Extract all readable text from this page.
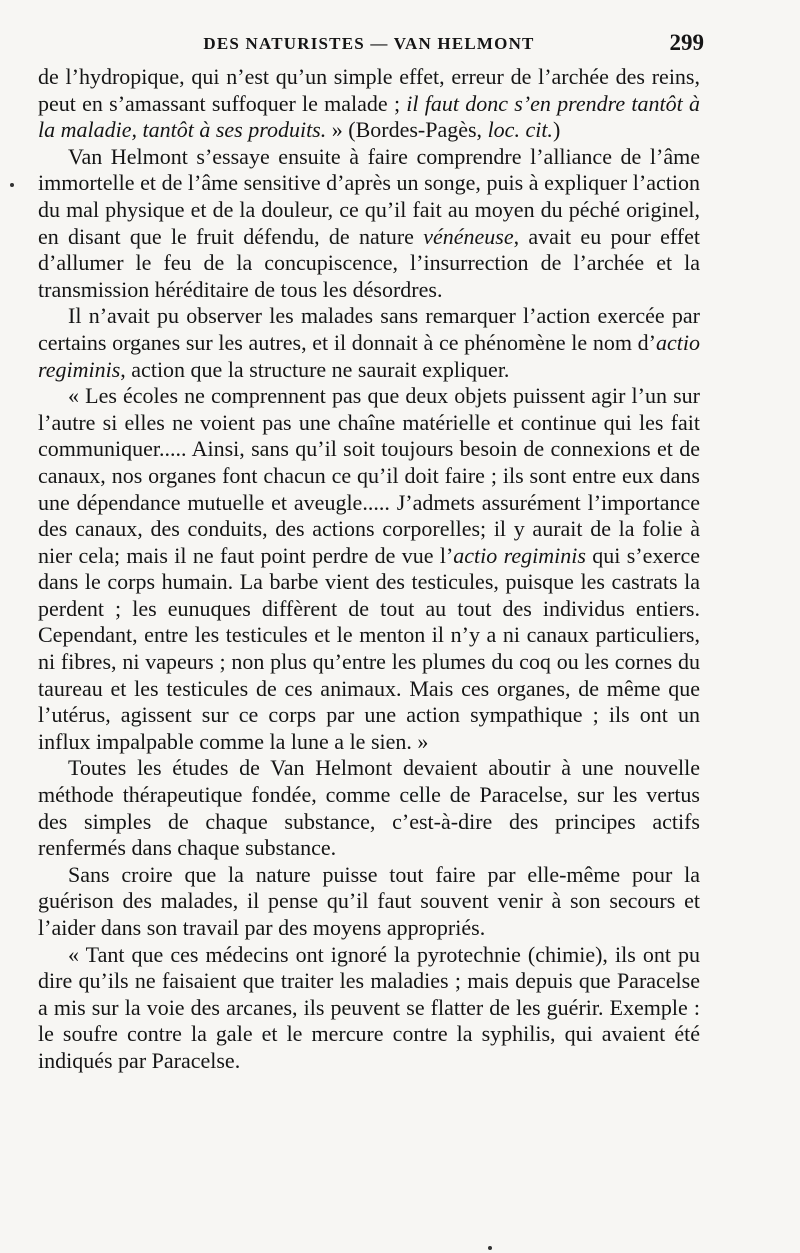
DES NATURISTES — VAN HELMONT	299

de l’hydropique, qui n’est qu’un simple effet, erreur de l’archée des reins, peut en s’amassant suffoquer le malade ; il faut donc s’en prendre tantôt à la maladie, tantôt à ses produits. » (Bordes-Pagès, loc. cit.)

Van Helmont s’essaye ensuite à faire comprendre l’alliance de l’âme immortelle et de l’âme sensitive d’après un songe, puis à expliquer l’action du mal physique et de la douleur, ce qu’il fait au moyen du péché originel, en disant que le fruit défendu, de nature vénéneuse, avait eu pour effet d’allumer le feu de la concupiscence, l’insurrection de l’archée et la transmission héréditaire de tous les désordres.

Il n’avait pu observer les malades sans remarquer l’action exercée par certains organes sur les autres, et il donnait à ce phénomène le nom d’actio regiminis, action que la structure ne saurait expliquer.

« Les écoles ne comprennent pas que deux objets puissent agir l’un sur l’autre si elles ne voient pas une chaîne matérielle et continue qui les fait communiquer..... Ainsi, sans qu’il soit toujours besoin de connexions et de canaux, nos organes font chacun ce qu’il doit faire ; ils sont entre eux dans une dépendance mutuelle et aveugle..... J’admets assurément l’importance des canaux, des conduits, des actions corporelles; il y aurait de la folie à nier cela; mais il ne faut point perdre de vue l’actio regiminis qui s’exerce dans le corps humain. La barbe vient des testicules, puisque les castrats la perdent ; les eunuques diffèrent de tout au tout des individus entiers. Cependant, entre les testicules et le menton il n’y a ni canaux particuliers, ni fibres, ni vapeurs ; non plus qu’entre les plumes du coq ou les cornes du taureau et les testicules de ces animaux. Mais ces organes, de même que l’utérus, agissent sur ce corps par une action sympathique ; ils ont un influx impalpable comme la lune a le sien. »

Toutes les études de Van Helmont devaient aboutir à une nouvelle méthode thérapeutique fondée, comme celle de Paracelse, sur les vertus des simples de chaque substance, c’est-à-dire des principes actifs renfermés dans chaque substance.

Sans croire que la nature puisse tout faire par elle-même pour la guérison des malades, il pense qu’il faut souvent venir à son secours et l’aider dans son travail par des moyens appropriés.

« Tant que ces médecins ont ignoré la pyrotechnie (chimie), ils ont pu dire qu’ils ne faisaient que traiter les maladies ; mais depuis que Paracelse a mis sur la voie des arcanes, ils peuvent se flatter de les guérir. Exemple : le soufre contre la gale et le mercure contre la syphilis, qui avaient été indiqués par Paracelse.
